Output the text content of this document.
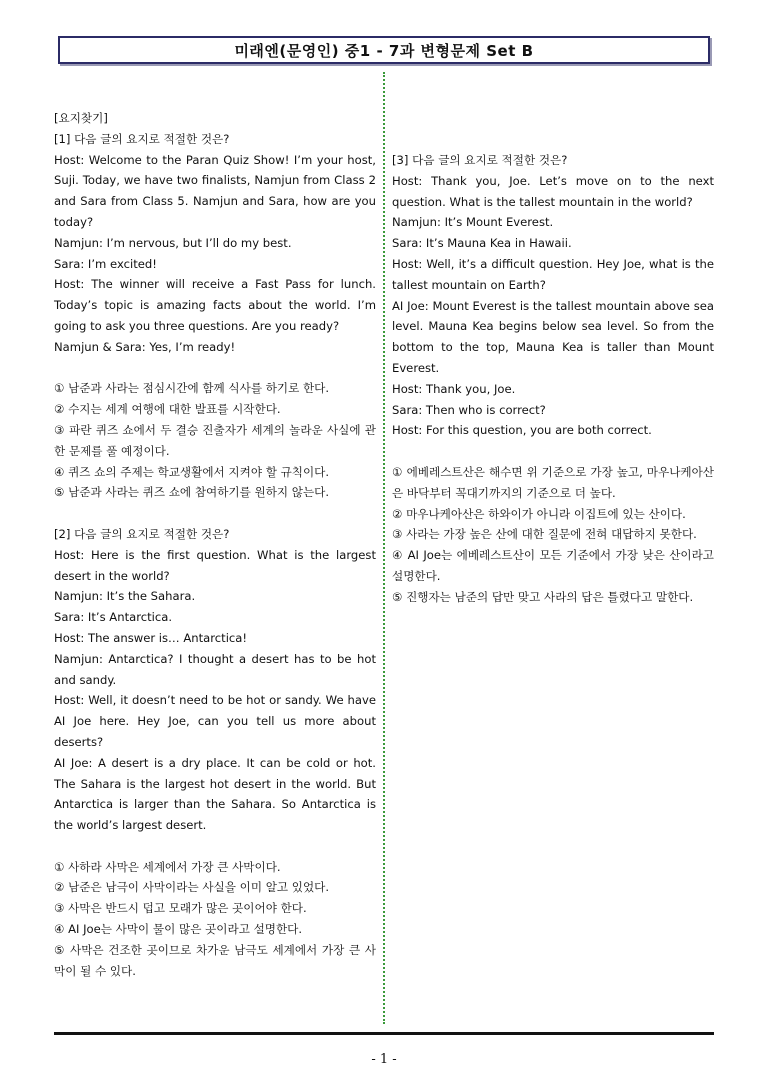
미래엔(문영인) 중1 - 7과 변형문제 Set B

[요지찾기]

[1] 다음 글의 요지로 적절한 것은?

Host: Welcome to the Paran Quiz Show! I’m your host, Suji. Today, we have two finalists, Namjun from Class 2 and Sara from Class 5. Namjun and Sara, how are you today?

Namjun: I’m nervous, but I’ll do my best.

Sara: I’m excited!

Host: The winner will receive a Fast Pass for lunch. Today’s topic is amazing facts about the world. I’m going to ask you three questions. Are you ready?

Namjun & Sara: Yes, I’m ready!

① 남준과 사라는 점심시간에 함께 식사를 하기로 한다.

② 수지는 세계 여행에 대한 발표를 시작한다.

③ 파란 퀴즈 쇼에서 두 결승 진출자가 세계의 놀라운 사실에 관한 문제를 풀 예정이다.

④ 퀴즈 쇼의 주제는 학교생활에서 지켜야 할 규칙이다.

⑤ 남준과 사라는 퀴즈 쇼에 참여하기를 원하지 않는다.

[2] 다음 글의 요지로 적절한 것은?

Host: Here is the first question. What is the largest desert in the world?

Namjun: It’s the Sahara.

Sara: It’s Antarctica.

Host: The answer is… Antarctica!

Namjun: Antarctica? I thought a desert has to be hot and sandy.

Host: Well, it doesn’t need to be hot or sandy. We have AI Joe here. Hey Joe, can you tell us more about deserts?

AI Joe: A desert is a dry place. It can be cold or hot. The Sahara is the largest hot desert in the world. But Antarctica is larger than the Sahara. So Antarctica is the world’s largest desert.

① 사하라 사막은 세계에서 가장 큰 사막이다.

② 남준은 남극이 사막이라는 사실을 이미 알고 있었다.

③ 사막은 반드시 덥고 모래가 많은 곳이어야 한다.

④ AI Joe는 사막이 물이 많은 곳이라고 설명한다.

⑤ 사막은 건조한 곳이므로 차가운 남극도 세계에서 가장 큰 사막이 될 수 있다.

[3] 다음 글의 요지로 적절한 것은?

Host: Thank you, Joe. Let’s move on to the next question. What is the tallest mountain in the world?

Namjun: It’s Mount Everest.

Sara: It’s Mauna Kea in Hawaii.

Host: Well, it’s a difficult question. Hey Joe, what is the tallest mountain on Earth?

AI Joe: Mount Everest is the tallest mountain above sea level. Mauna Kea begins below sea level. So from the bottom to the top, Mauna Kea is taller than Mount Everest.

Host: Thank you, Joe.

Sara: Then who is correct?

Host: For this question, you are both correct.

① 에베레스트산은 해수면 위 기준으로 가장 높고, 마우나케아산은 바닥부터 꼭대기까지의 기준으로 더 높다.

② 마우나케아산은 하와이가 아니라 이집트에 있는 산이다.

③ 사라는 가장 높은 산에 대한 질문에 전혀 대답하지 못한다.

④ AI Joe는 에베레스트산이 모든 기준에서 가장 낮은 산이라고 설명한다.

⑤ 진행자는 남준의 답만 맞고 사라의 답은 틀렸다고 말한다.

- 1 -
